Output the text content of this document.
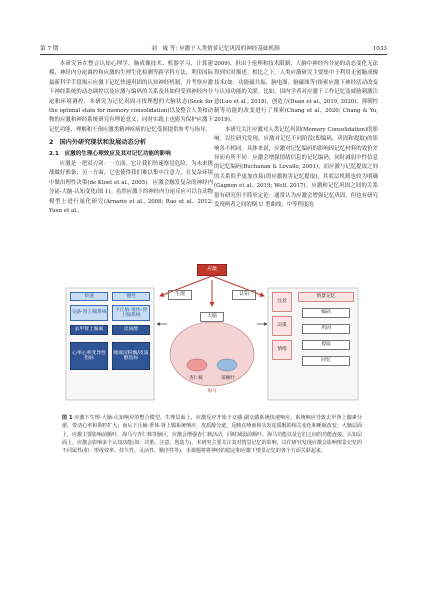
第 7 期	刘　威 等: 应激下人类情景记忆巩固的神经基础机制	1033

本研究旨在整合认知心理学、脑成像技术、机器学习、计算建模、神经内分泌调控和应激的生理生化检测等跨学科方法，利用国际最新科学手段揭示应激下记忆快速巩固的认知神经机制，并考察应激下神经系统的动态调控以及应激与编码的关系及其如何受到神经内分泌和环境调控。本研究为记忆巩固寻找理想的大脑状态(Seek for the optimal state for memory consolidation)以及整合人类和动物的应激和神经系统研究有理论意义；同时实践上也能为保护应激下记忆功能、理解和干预应激类精神疾病的记忆受损提供参考与指导。

2　国内外研究现状和发展动态分析
2.1　应激的生理心理效应及其对记忆功能的影响

应激是一把双刃剑：一方面，它让我们快速察觉危险，为未来挑战做好准备；另一方面，它也使得我们难以集中注意力，在复杂环境中做出理性决策(de Kloet et al., 2005)。应激会触发复杂的神经内分泌-大脑-认知变化(图 1)。虽然应激下的神经内分泌反应可以在动物模型上进行量化研究(Arnario et al., 2008; Rao et al., 2012; Yuen et al.,

2009)，但由于伦理和技术限制，人脑中神经内分泌的动态变化无法得到实时描述。相比之下，人类应激研究主要集中于利用无创脑成像技术(如：功能磁共振、脑电图、脑磁图等)探索应激下神经活动改变与认知功能的关联。比如，国内学者对应激下工作记忆及威胁刺激注意(Luo et al., 2018)、创造力(Duan et al., 2019, 2020)、抑制控制等功能的改变进行了探索(Chang et al., 2020; Chang & Yu, 2019)。

本研究关注应激对人类记忆巩固(Memory Consolidation)的影响。以往研究发现，应激对记忆不同阶段(即编码、巩固和提取)的影响各不相同。具体来说，应激对记忆编码的影响因记忆材料的效价差异而有所不同：应激会增强情绪信息的记忆编码，同时减弱中性信息的记忆编码(Buchanan & Lovallo, 2001)，而应激与记忆提取之间的关系似乎更加直接(即应激损害记忆提取)，其底层机制也较为明确(Gagnon et al., 2019; Wolf, 2017)。应激和记忆巩固之间的关系很有研究但不简单定论：通常认为应激会增强记忆巩固，但也有研究发现两者之间的倒 U 型曲线；中等程度的

应激
生理	认知
大脑
快速	慢性
交感-肾上腺系统
下丘脑-垂体-肾上腺系统
去甲肾上腺素	皮质醇
心率心率变异性指标
唾液淀粉酶/皮质醇指标
杏仁核	前额叶
海马
注意
决策
情绪
情景记忆
编码
巩固
提取
回忆
图 1 应激下生理-大脑-认知响应的整合模型。生理层面上，应激反应开始于交感-副交感系统快速响应，系统响应导致去甲肾上腺素分泌，带动心率和鼻腔扩大；而后下丘脑-垂体-肾上腺系统响应，皮质醇分泌，反映在唾液和头发皮质醇的相关变化和睡眠改变；大脑层面上，应激主要影响前额叶、海马与杏仁核等脑区，应激会增强杏仁核活动，同时减弱前额叶、海马功能以及它们之间的功能连接。认知层面上，应激会影响多个认知功能(如：决策、注意、创造力)。本研究主要关注其对情景记忆的影响，以往研究发现应激会影响情景记忆的不同属性(如：形成效率、持久性、灵活性、顺序性等)，本课题将将神经的稳定和应激下情景记忆的各个方面关联起来。
